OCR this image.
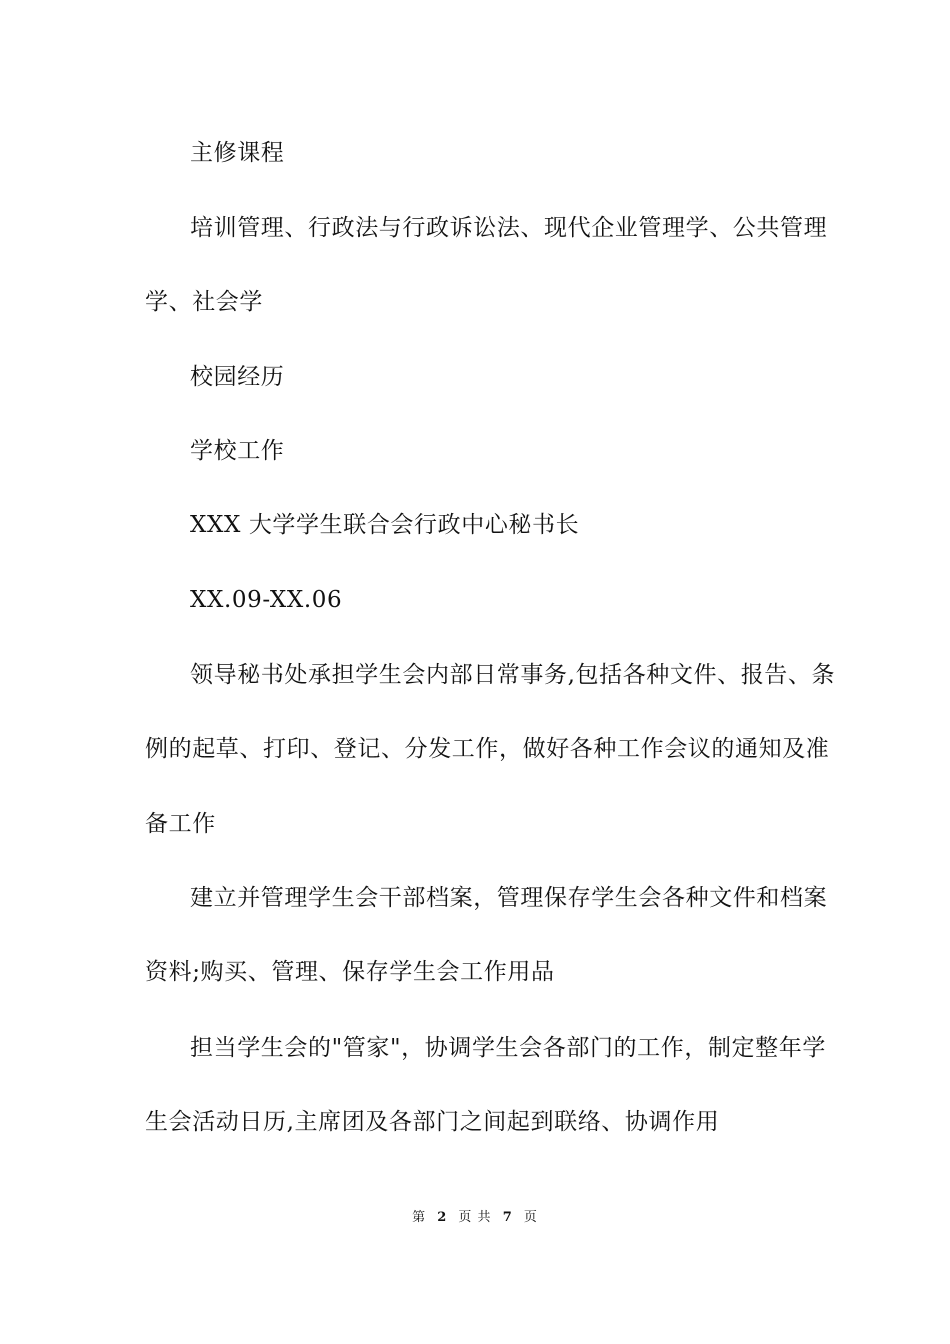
主修课程
培训管理、行政法与行政诉讼法、现代企业管理学、公共管理
学、社会学
校园经历
学校工作
XXX 大学学生联合会行政中心秘书长
XX.09-XX.06
领导秘书处承担学生会内部日常事务,包括各种文件、报告、条
例的起草、打印、登记、分发工作，做好各种工作会议的通知及准
备工作
建立并管理学生会干部档案，管理保存学生会各种文件和档案
资料;购买、管理、保存学生会工作用品
担当学生会的"管家"，协调学生会各部门的工作，制定整年学
生会活动日历,主席团及各部门之间起到联络、协调作用
第 2 页 共 7 页
